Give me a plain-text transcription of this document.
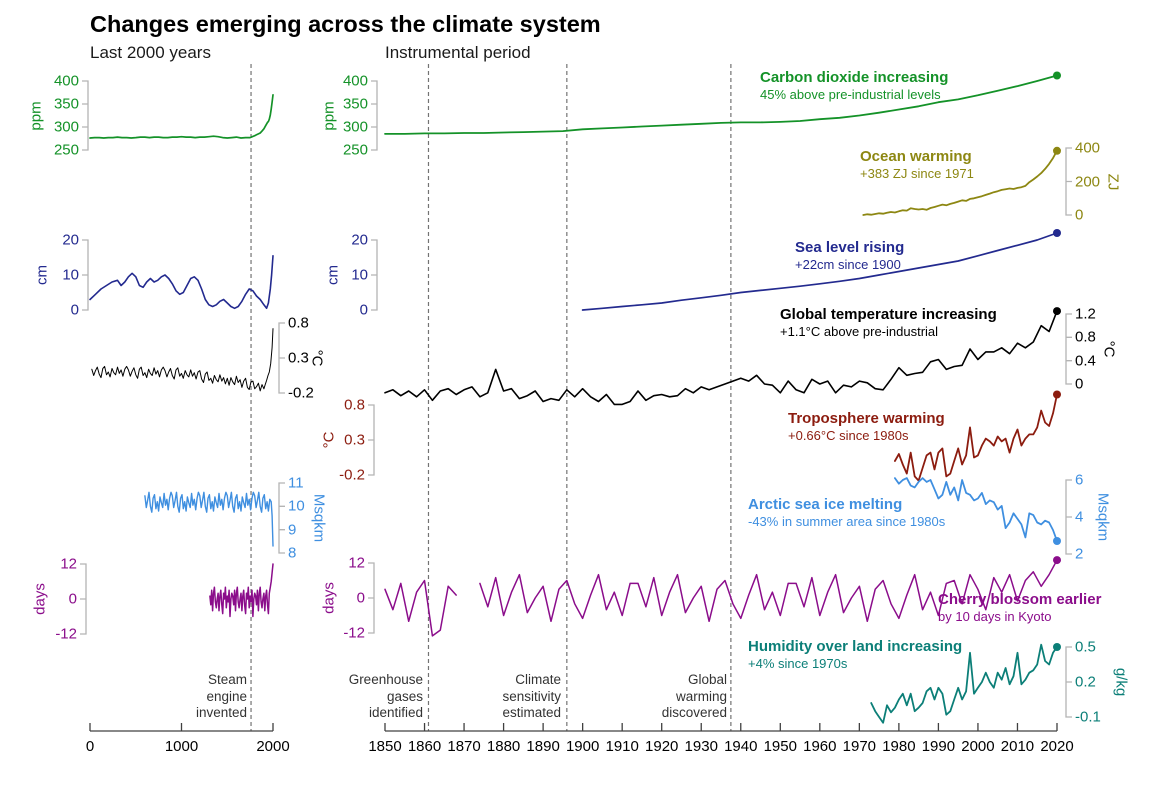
Changes emerging across the climate system
Last 2000 years	Instrumental period
0	1000	2000	1850 1860 1870 1880 1890 1900 1910 1920 1930 1940 1950 1960 1970 1980 1990 2000 2010 2020
400
350
300
250
ppm
20
10
0
cm
0.8
0.3
-0.2
°C
11
10
9
8
Msqkm
12
0
-12
days
400
350
300
250
ppm
20
10
0
cm
0.8
0.3
-0.2
°C
12
0
-12
days
400
200
0
ZJ
1.2
0.8
0.4
0
°C
6
4
2
Msqkm
0.5
0.2
-0.1
g/kg
Carbon dioxide increasing
45% above pre-industrial levels
Ocean warming
+383 ZJ since 1971
Sea level rising
+22cm since 1900
Global temperature increasing
+1.1°C above pre-industrial
Troposphere warming
+0.66°C since 1980s
Arctic sea ice melting
-43% in summer area since 1980s
Cherry blossom earlier
by 10 days in Kyoto
Humidity over land increasing
+4% since 1970s
Steam
engine
invented
Greenhouse
gases
identified
Climate
sensitivity
estimated
Global
warming
discovered
